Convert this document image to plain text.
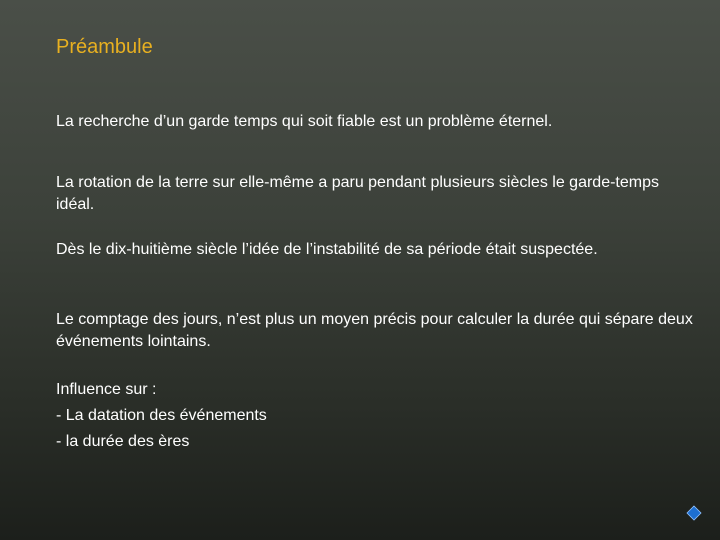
Préambule
La recherche d’un garde temps qui soit fiable est un problème éternel.
La rotation de la terre sur elle-même a paru pendant plusieurs siècles le garde-temps idéal.
Dès le dix-huitième siècle l’idée de l’instabilité de sa période était suspectée.
Le comptage des jours, n’est plus un moyen précis pour calculer la durée qui sépare deux événements lointains.
Influence sur :
- La datation des événements
- la durée des ères
